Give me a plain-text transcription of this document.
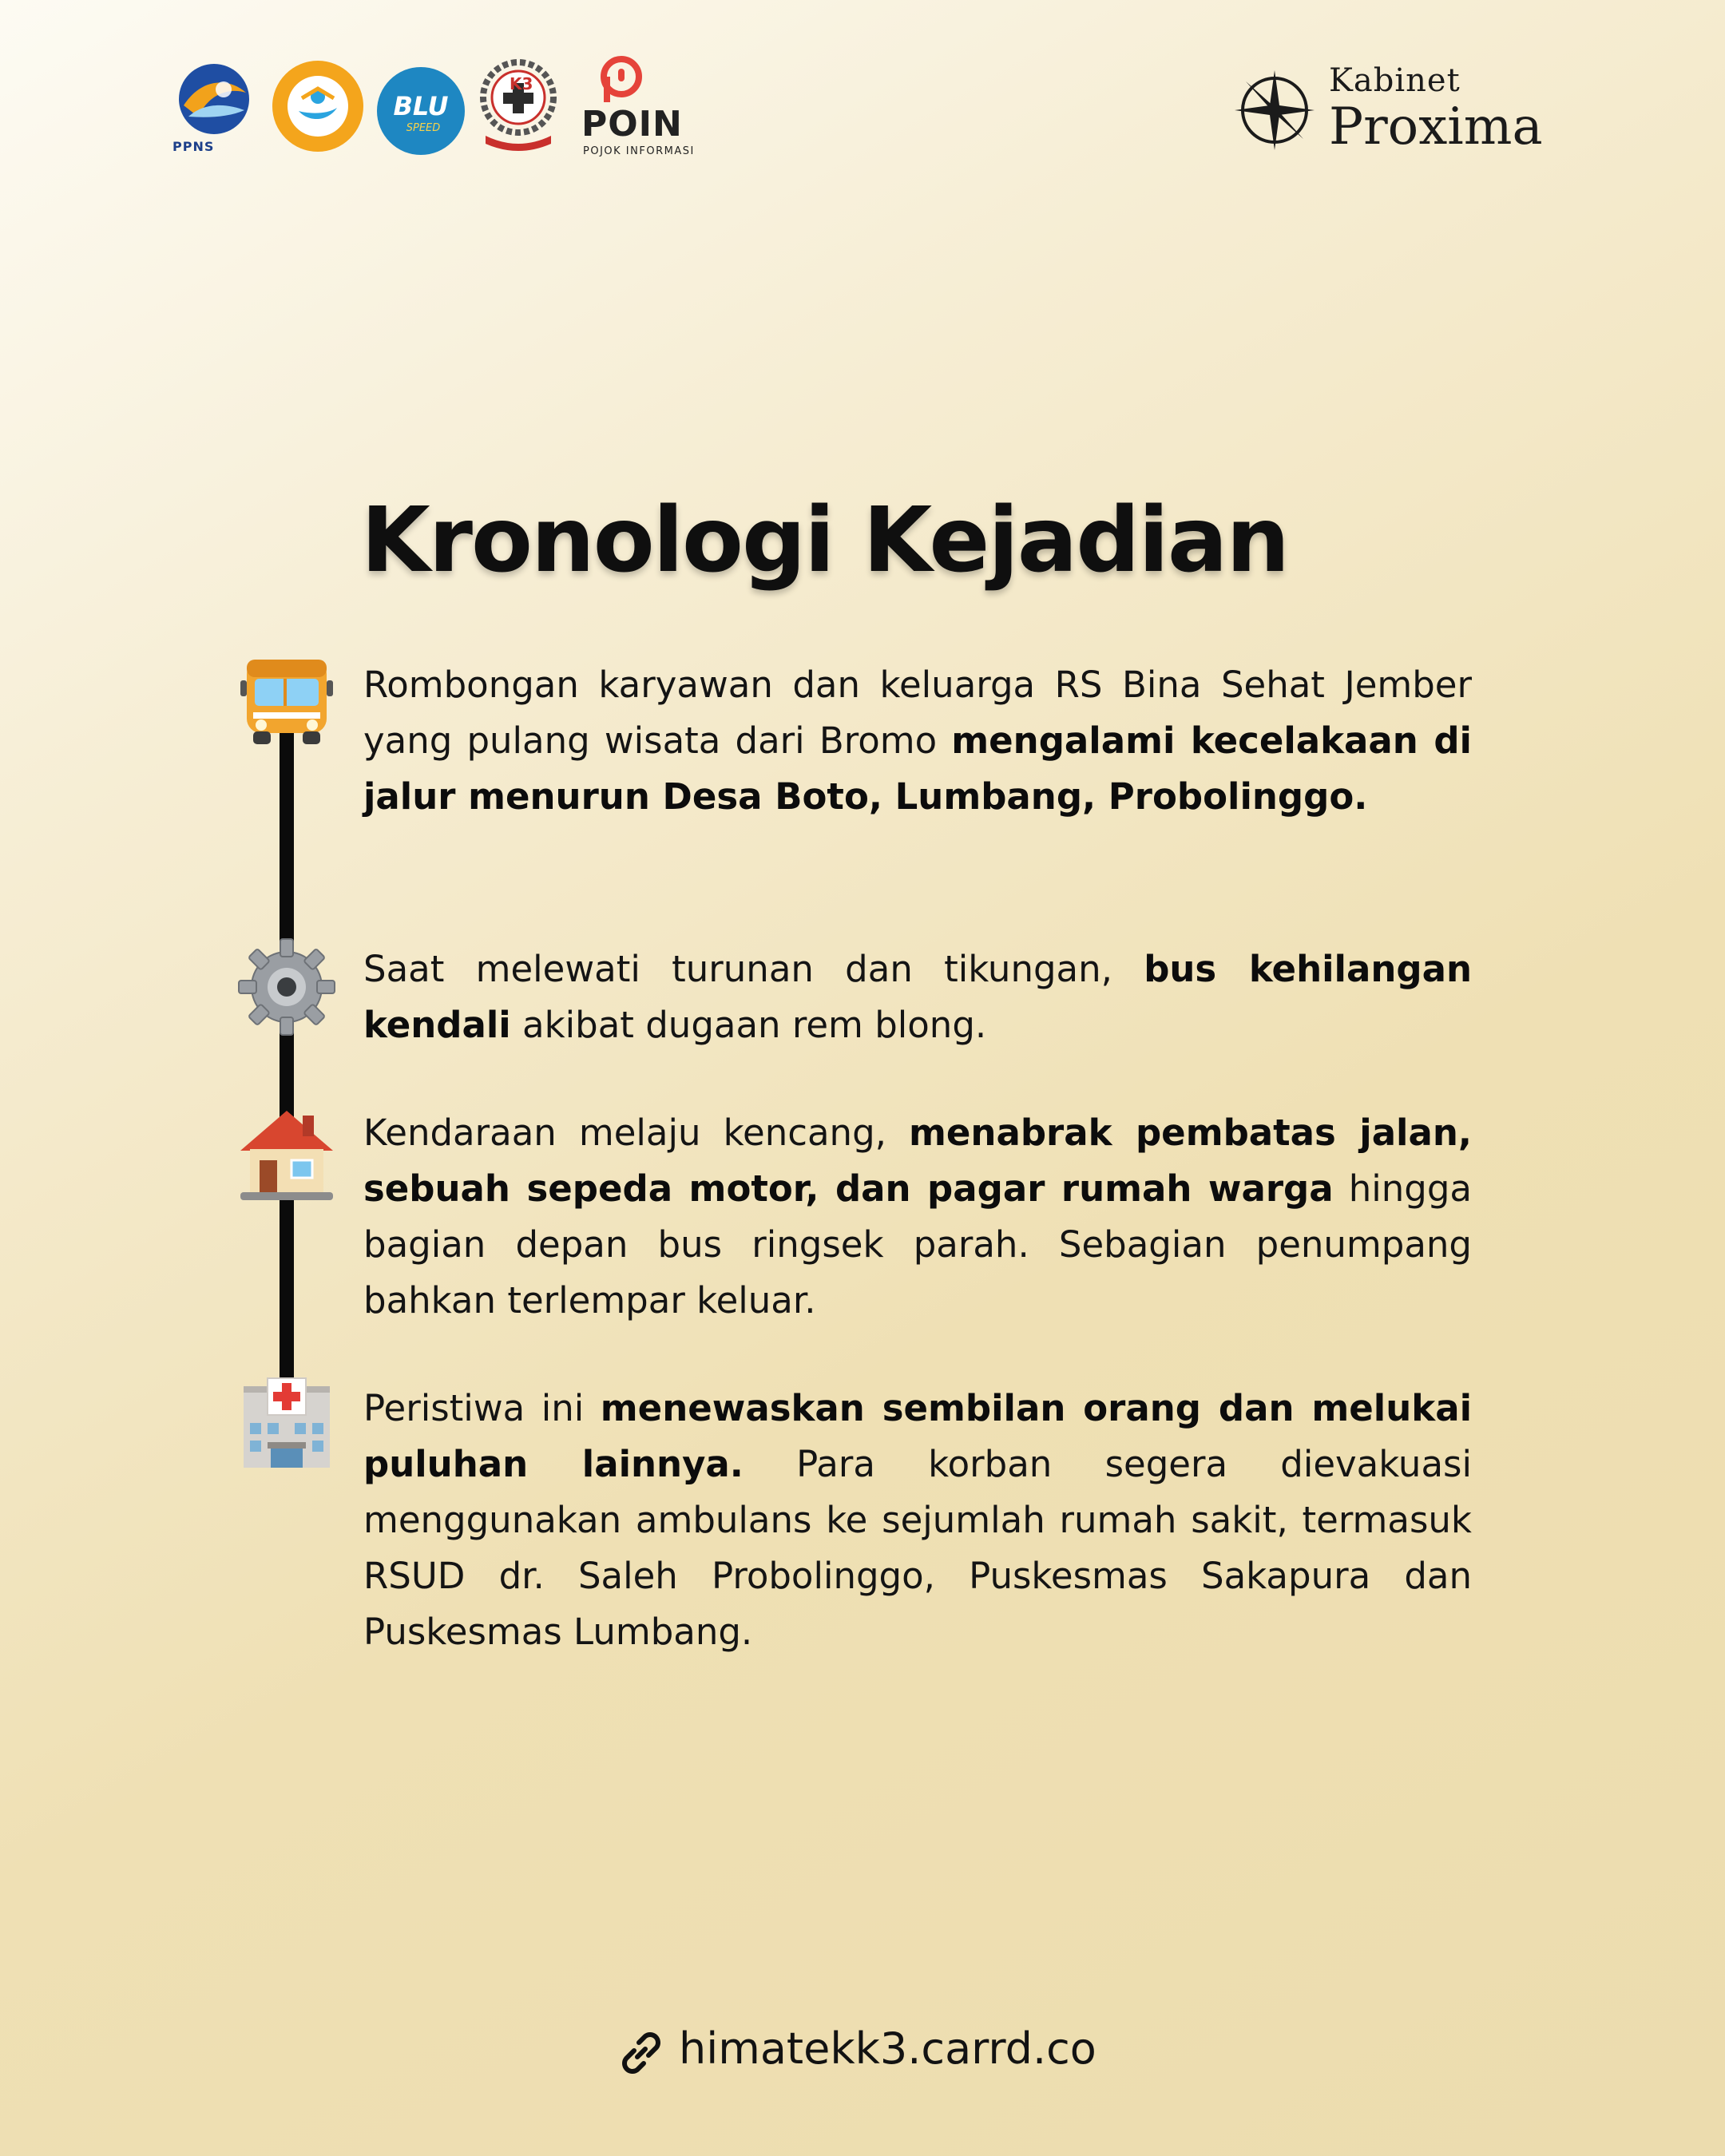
PPNS
BLU
SPEED
K3
POIN
POJOK INFORMASI
Kabinet
Proxima
Kronologi Kejadian

Rombongan karyawan dan keluarga RS Bina Sehat Jember yang pulang wisata dari Bromo mengalami kecelakaan di jalur menurun Desa Boto, Lumbang, Probolinggo.

Saat melewati turunan dan tikungan, bus kehilangan kendali akibat dugaan rem blong.

Kendaraan melaju kencang, menabrak pembatas jalan, sebuah sepeda motor, dan pagar rumah warga hingga bagian depan bus ringsek parah. Sebagian penumpang bahkan terlempar keluar.

Peristiwa ini menewaskan sembilan orang dan melukai puluhan lainnya. Para korban segera dievakuasi menggunakan ambulans ke sejumlah rumah sakit, termasuk RSUD dr. Saleh Probolinggo, Puskesmas Sakapura dan Puskesmas Lumbang.

himatekk3.carrd.co
